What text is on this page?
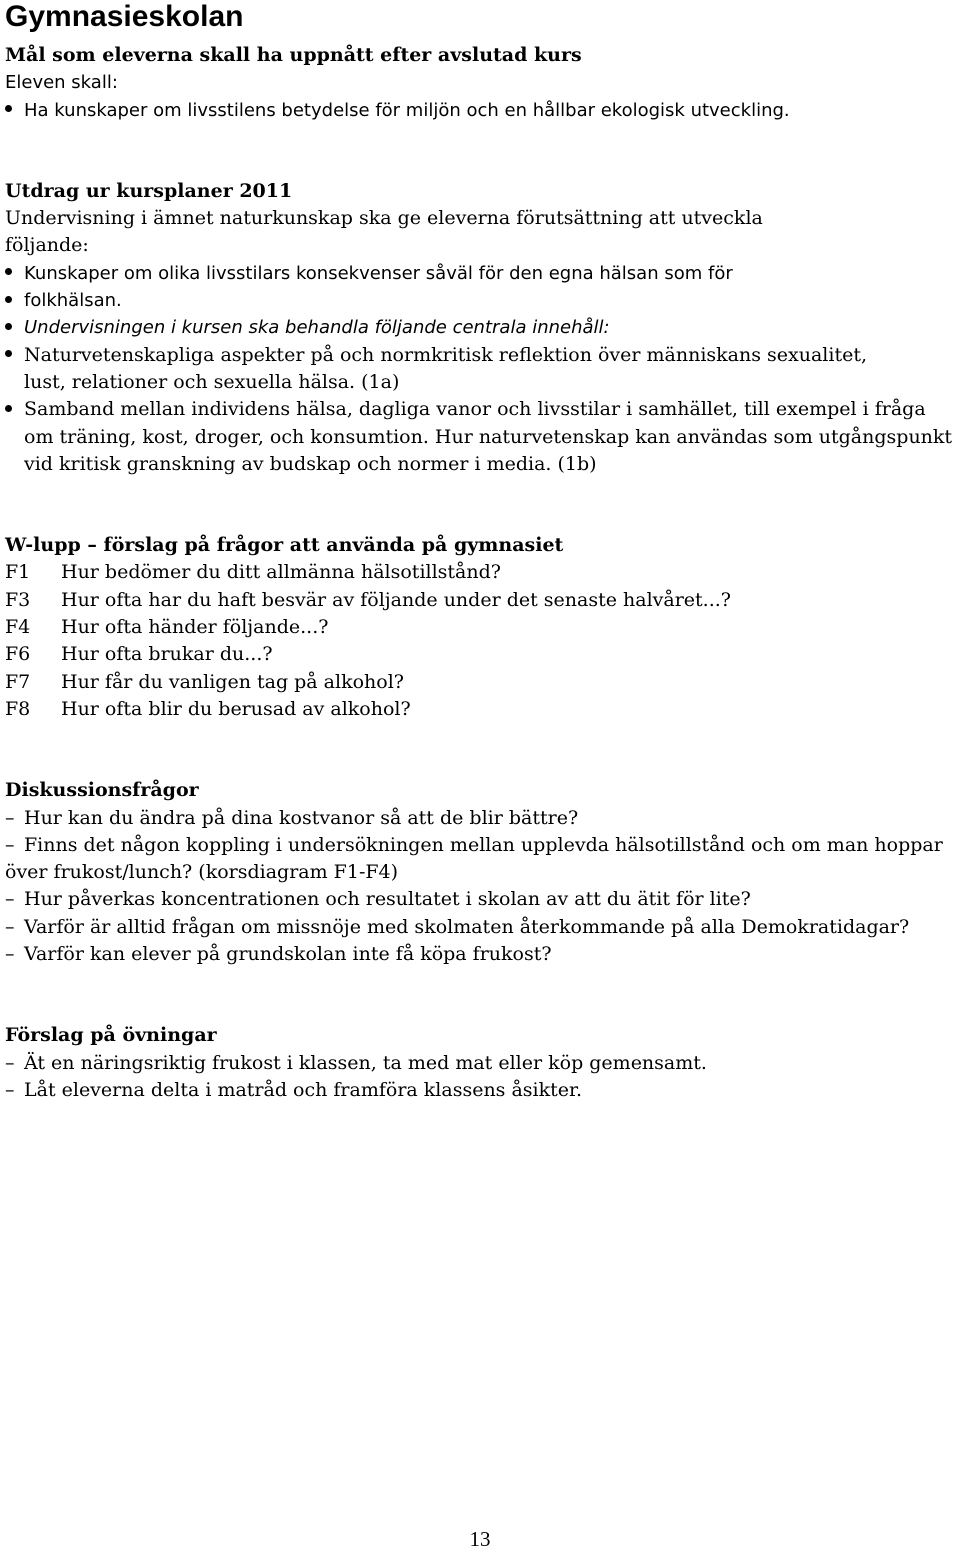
Gymnasieskolan
Mål som eleverna skall ha uppnått efter avslutad kurs
Eleven skall:
Ha kunskaper om livsstilens betydelse för miljön och en hållbar ekologisk utveckling.
Utdrag ur kursplaner 2011
Undervisning i ämnet naturkunskap ska ge eleverna förutsättning att utveckla
följande:
Kunskaper om olika livsstilars konsekvenser såväl för den egna hälsan som för
folkhälsan.
Undervisningen i kursen ska behandla följande centrala innehåll:
Naturvetenskapliga aspekter på och normkritisk reflektion över människans sexualitet, lust, relationer och sexuella hälsa. (1a)
Samband mellan individens hälsa, dagliga vanor och livsstilar i samhället, till exempel i fråga om träning, kost, droger, och konsumtion. Hur naturvetenskap kan användas som utgångspunkt vid kritisk granskning av budskap och normer i media. (1b)
W-lupp – förslag på frågor att använda på gymnasiet
F1	Hur bedömer du ditt allmänna hälsotillstånd?
F3	Hur ofta har du haft besvär av följande under det senaste halvåret...?
F4	Hur ofta händer följande...?
F6	Hur ofta brukar du...?
F7	Hur får du vanligen tag på alkohol?
F8	Hur ofta blir du berusad av alkohol?
Diskussionsfrågor
– Hur kan du ändra på dina kostvanor så att de blir bättre?
– Finns det någon koppling i undersökningen mellan upplevda hälsotillstånd och om man hoppar över frukost/lunch? (korsdiagram F1-F4)
– Hur påverkas koncentrationen och resultatet i skolan av att du ätit för lite?
– Varför är alltid frågan om missnöje med skolmaten återkommande på alla Demokratidagar?
– Varför kan elever på grundskolan inte få köpa frukost?
Förslag på övningar
– Ät en näringsriktig frukost i klassen, ta med mat eller köp gemensamt.
– Låt eleverna delta i matråd och framföra klassens åsikter.
13
